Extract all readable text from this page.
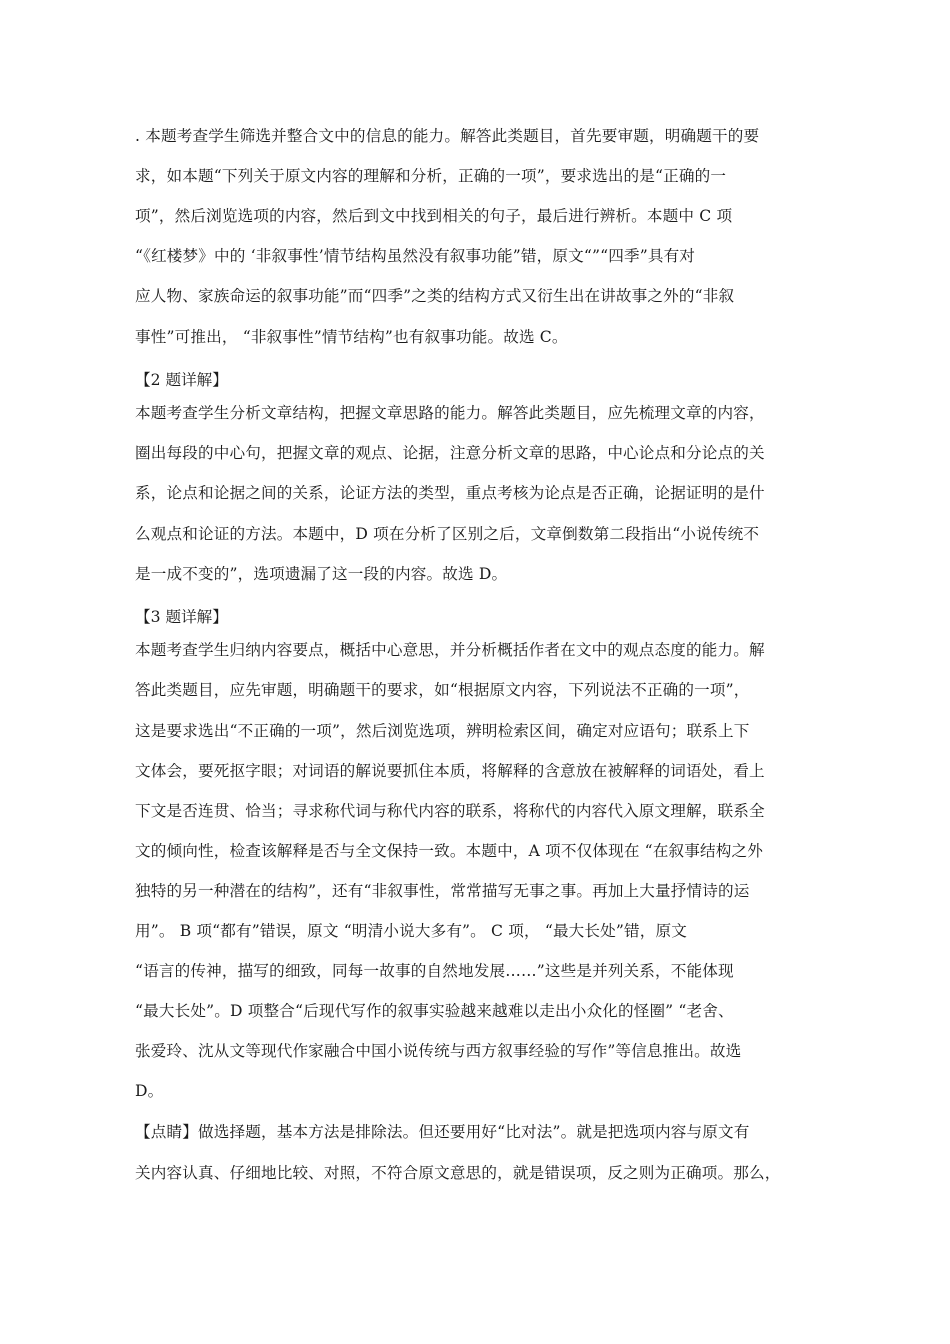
. 本题考查学生筛选并整合文中的信息的能力。解答此类题目，首先要审题，明确题干的要
求，如本题“下列关于原文内容的理解和分析，正确的一项”，要求选出的是“正确的一
项”，然后浏览选项的内容，然后到文中找到相关的句子，最后进行辨析。本题中 C 项
“《红楼梦》中的 ‘非叙事性’情节结构虽然没有叙事功能”错，原文“”“四季”具有对
应人物、家族命运的叙事功能”而“四季”之类的结构方式又衍生出在讲故事之外的“非叙
事性”可推出， “非叙事性”情节结构”也有叙事功能。故选 C。
【2 题详解】
本题考查学生分析文章结构，把握文章思路的能力。解答此类题目，应先梳理文章的内容，
圈出每段的中心句，把握文章的观点、论据，注意分析文章的思路，中心论点和分论点的关
系，论点和论据之间的关系，论证方法的类型，重点考核为论点是否正确，论据证明的是什
么观点和论证的方法。本题中，D 项在分析了区别之后，文章倒数第二段指出“小说传统不
是一成不变的”，选项遗漏了这一段的内容。故选 D。
【3 题详解】
本题考查学生归纳内容要点，概括中心意思，并分析概括作者在文中的观点态度的能力。解
答此类题目，应先审题，明确题干的要求，如“根据原文内容，下列说法不正确的一项”，
这是要求选出“不正确的一项”，然后浏览选项，辨明检索区间，确定对应语句；联系上下
文体会，要死抠字眼；对词语的解说要抓住本质，将解释的含意放在被解释的词语处，看上
下文是否连贯、恰当；寻求称代词与称代内容的联系，将称代的内容代入原文理解，联系全
文的倾向性，检查该解释是否与全文保持一致。本题中，A 项不仅体现在 “在叙事结构之外
独特的另一种潜在的结构”，还有“非叙事性，常常描写无事之事。再加上大量抒情诗的运
用”。 B 项“都有”错误，原文 “明清小说大多有”。 C 项， “最大长处”错，原文
“语言的传神，描写的细致，同每一故事的自然地发展……”这些是并列关系，不能体现
“最大长处”。D 项整合“后现代写作的叙事实验越来越难以走出小众化的怪圈” “老舍、
张爱玲、沈从文等现代作家融合中国小说传统与西方叙事经验的写作”等信息推出。故选
D。
【点睛】做选择题，基本方法是排除法。但还要用好“比对法”。就是把选项内容与原文有
关内容认真、仔细地比较、对照，不符合原文意思的，就是错误项，反之则为正确项。那么，
